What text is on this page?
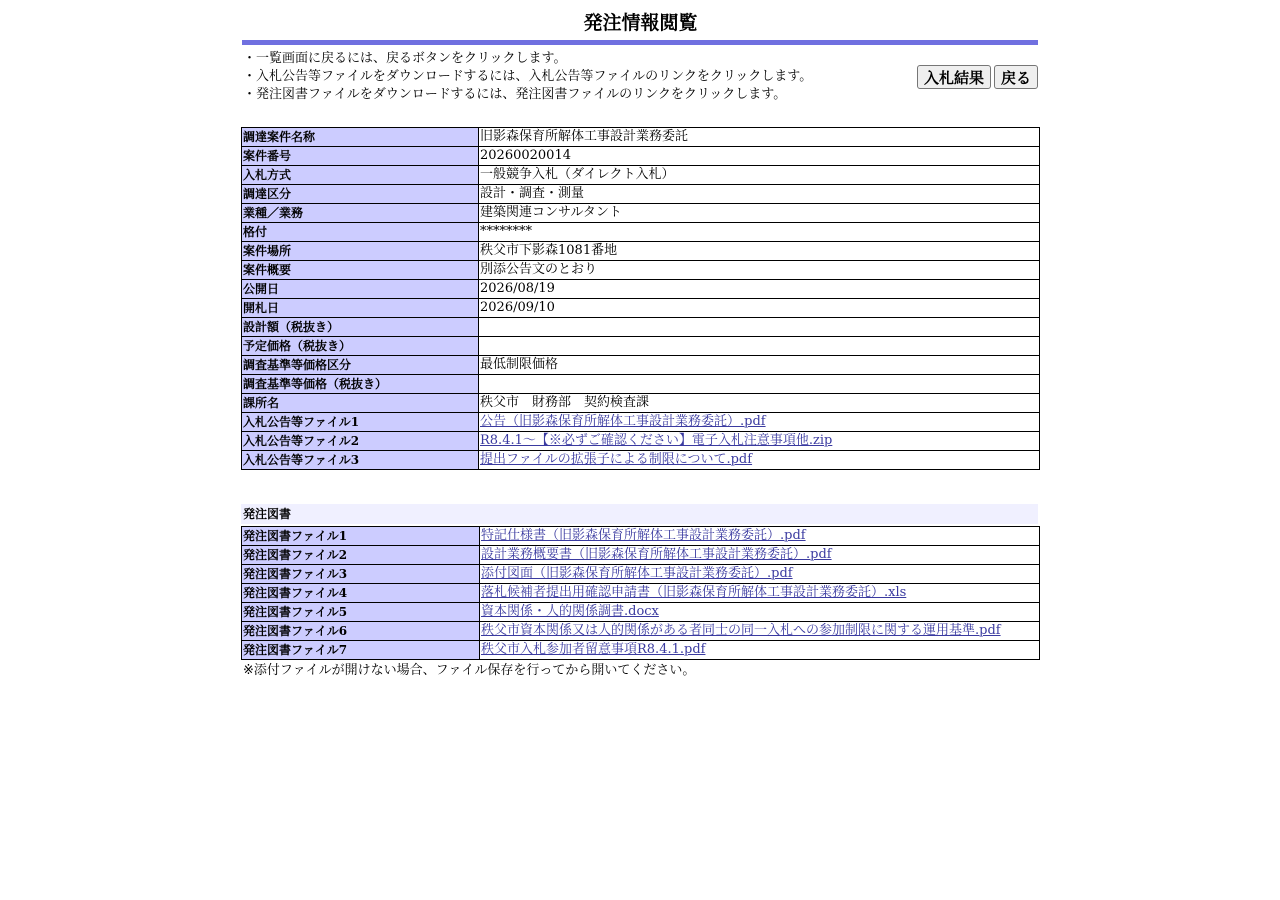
発注情報閲覧
・一覧画面に戻るには、戻るボタンをクリックします。
・入札公告等ファイルをダウンロードするには、入札公告等ファイルのリンクをクリックします。
・発注図書ファイルをダウンロードするには、発注図書ファイルのリンクをクリックします。
入札結果	戻る
調達案件名称	旧影森保育所解体工事設計業務委託
案件番号	20260020014
入札方式	一般競争入札（ダイレクト入札）
調達区分	設計・調査・測量
業種／業務	建築関連コンサルタント
格付	********
案件場所	秩父市下影森1081番地
案件概要	別添公告文のとおり
公開日	2026/08/19
開札日	2026/09/10
設計額（税抜き）	
予定価格（税抜き）	
調査基準等価格区分	最低制限価格
調査基準等価格（税抜き）	
課所名	秩父市　財務部　契約検査課
入札公告等ファイル1	公告（旧影森保育所解体工事設計業務委託）.pdf
入札公告等ファイル2	R8.4.1～【※必ずご確認ください】電子入札注意事項他.zip
入札公告等ファイル3	提出ファイルの拡張子による制限について.pdf
発注図書
発注図書ファイル1	特記仕様書（旧影森保育所解体工事設計業務委託）.pdf
発注図書ファイル2	設計業務概要書（旧影森保育所解体工事設計業務委託）.pdf
発注図書ファイル3	添付図面（旧影森保育所解体工事設計業務委託）.pdf
発注図書ファイル4	落札候補者提出用確認申請書（旧影森保育所解体工事設計業務委託）.xls
発注図書ファイル5	資本関係・人的関係調書.docx
発注図書ファイル6	秩父市資本関係又は人的関係がある者同士の同一入札への参加制限に関する運用基準.pdf
発注図書ファイル7	秩父市入札参加者留意事項R8.4.1.pdf
※添付ファイルが開けない場合、ファイル保存を行ってから開いてください。
